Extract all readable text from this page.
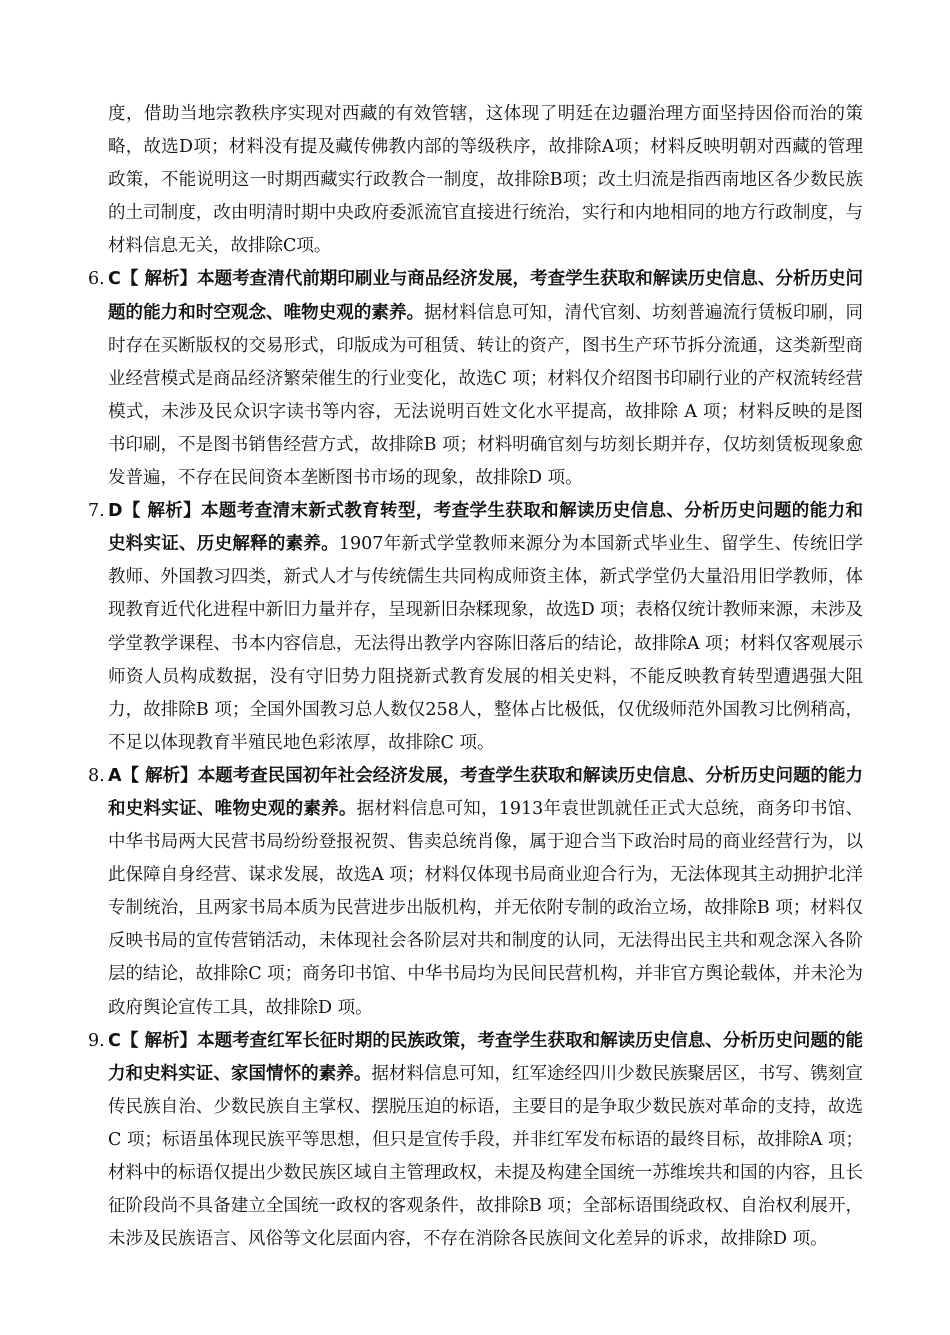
度，借助当地宗教秩序实现对西藏的有效管辖，这体现了明廷在边疆治理方面坚持因俗而治的策略，故选D项；材料没有提及藏传佛教内部的等级秩序，故排除A项；材料反映明朝对西藏的管理政策，不能说明这一时期西藏实行政教合一制度，故排除B项；改土归流是指西南地区各少数民族的土司制度，改由明清时期中央政府委派流官直接进行统治，实行和内地相同的地方行政制度，与材料信息无关，故排除C项。

6. C【 解析】本题考查清代前期印刷业与商品经济发展，考查学生获取和解读历史信息、分析历史问题的能力和时空观念、唯物史观的素养。据材料信息可知，清代官刻、坊刻普遍流行赁板印刷，同时存在买断版权的交易形式，印版成为可租赁、转让的资产，图书生产环节拆分流通，这类新型商业经营模式是商品经济繁荣催生的行业变化，故选C 项；材料仅介绍图书印刷行业的产权流转经营模式，未涉及民众识字读书等内容，无法说明百姓文化水平提高，故排除 A 项；材料反映的是图书印刷，不是图书销售经营方式，故排除B 项；材料明确官刻与坊刻长期并存，仅坊刻赁板现象愈发普遍，不存在民间资本垄断图书市场的现象，故排除D 项。
7. D【 解析】本题考查清末新式教育转型，考查学生获取和解读历史信息、分析历史问题的能力和史料实证、历史解释的素养。1907年新式学堂教师来源分为本国新式毕业生、留学生、传统旧学教师、外国教习四类，新式人才与传统儒生共同构成师资主体，新式学堂仍大量沿用旧学教师，体现教育近代化进程中新旧力量并存，呈现新旧杂糅现象，故选D 项；表格仅统计教师来源，未涉及学堂教学课程、书本内容信息，无法得出教学内容陈旧落后的结论，故排除A 项；材料仅客观展示师资人员构成数据，没有守旧势力阻挠新式教育发展的相关史料，不能反映教育转型遭遇强大阻力，故排除B 项；全国外国教习总人数仅258人，整体占比极低，仅优级师范外国教习比例稍高，不足以体现教育半殖民地色彩浓厚，故排除C 项。
8. A【 解析】本题考查民国初年社会经济发展，考查学生获取和解读历史信息、分析历史问题的能力和史料实证、唯物史观的素养。据材料信息可知，1913年袁世凯就任正式大总统，商务印书馆、中华书局两大民营书局纷纷登报祝贺、售卖总统肖像，属于迎合当下政治时局的商业经营行为，以此保障自身经营、谋求发展，故选A 项；材料仅体现书局商业迎合行为，无法体现其主动拥护北洋专制统治，且两家书局本质为民营进步出版机构，并无依附专制的政治立场，故排除B 项；材料仅反映书局的宣传营销活动，未体现社会各阶层对共和制度的认同，无法得出民主共和观念深入各阶层的结论，故排除C 项；商务印书馆、中华书局均为民间民营机构，并非官方舆论载体，并未沦为政府舆论宣传工具，故排除D 项。
9. C【 解析】本题考查红军长征时期的民族政策，考查学生获取和解读历史信息、分析历史问题的能力和史料实证、家国情怀的素养。据材料信息可知，红军途经四川少数民族聚居区，书写、镌刻宣传民族自治、少数民族自主掌权、摆脱压迫的标语，主要目的是争取少数民族对革命的支持，故选C 项；标语虽体现民族平等思想，但只是宣传手段，并非红军发布标语的最终目标，故排除A 项；材料中的标语仅提出少数民族区域自主管理政权，未提及构建全国统一苏维埃共和国的内容，且长征阶段尚不具备建立全国统一政权的客观条件，故排除B 项；全部标语围绕政权、自治权利展开，未涉及民族语言、风俗等文化层面内容，不存在消除各民族间文化差异的诉求，故排除D 项。
